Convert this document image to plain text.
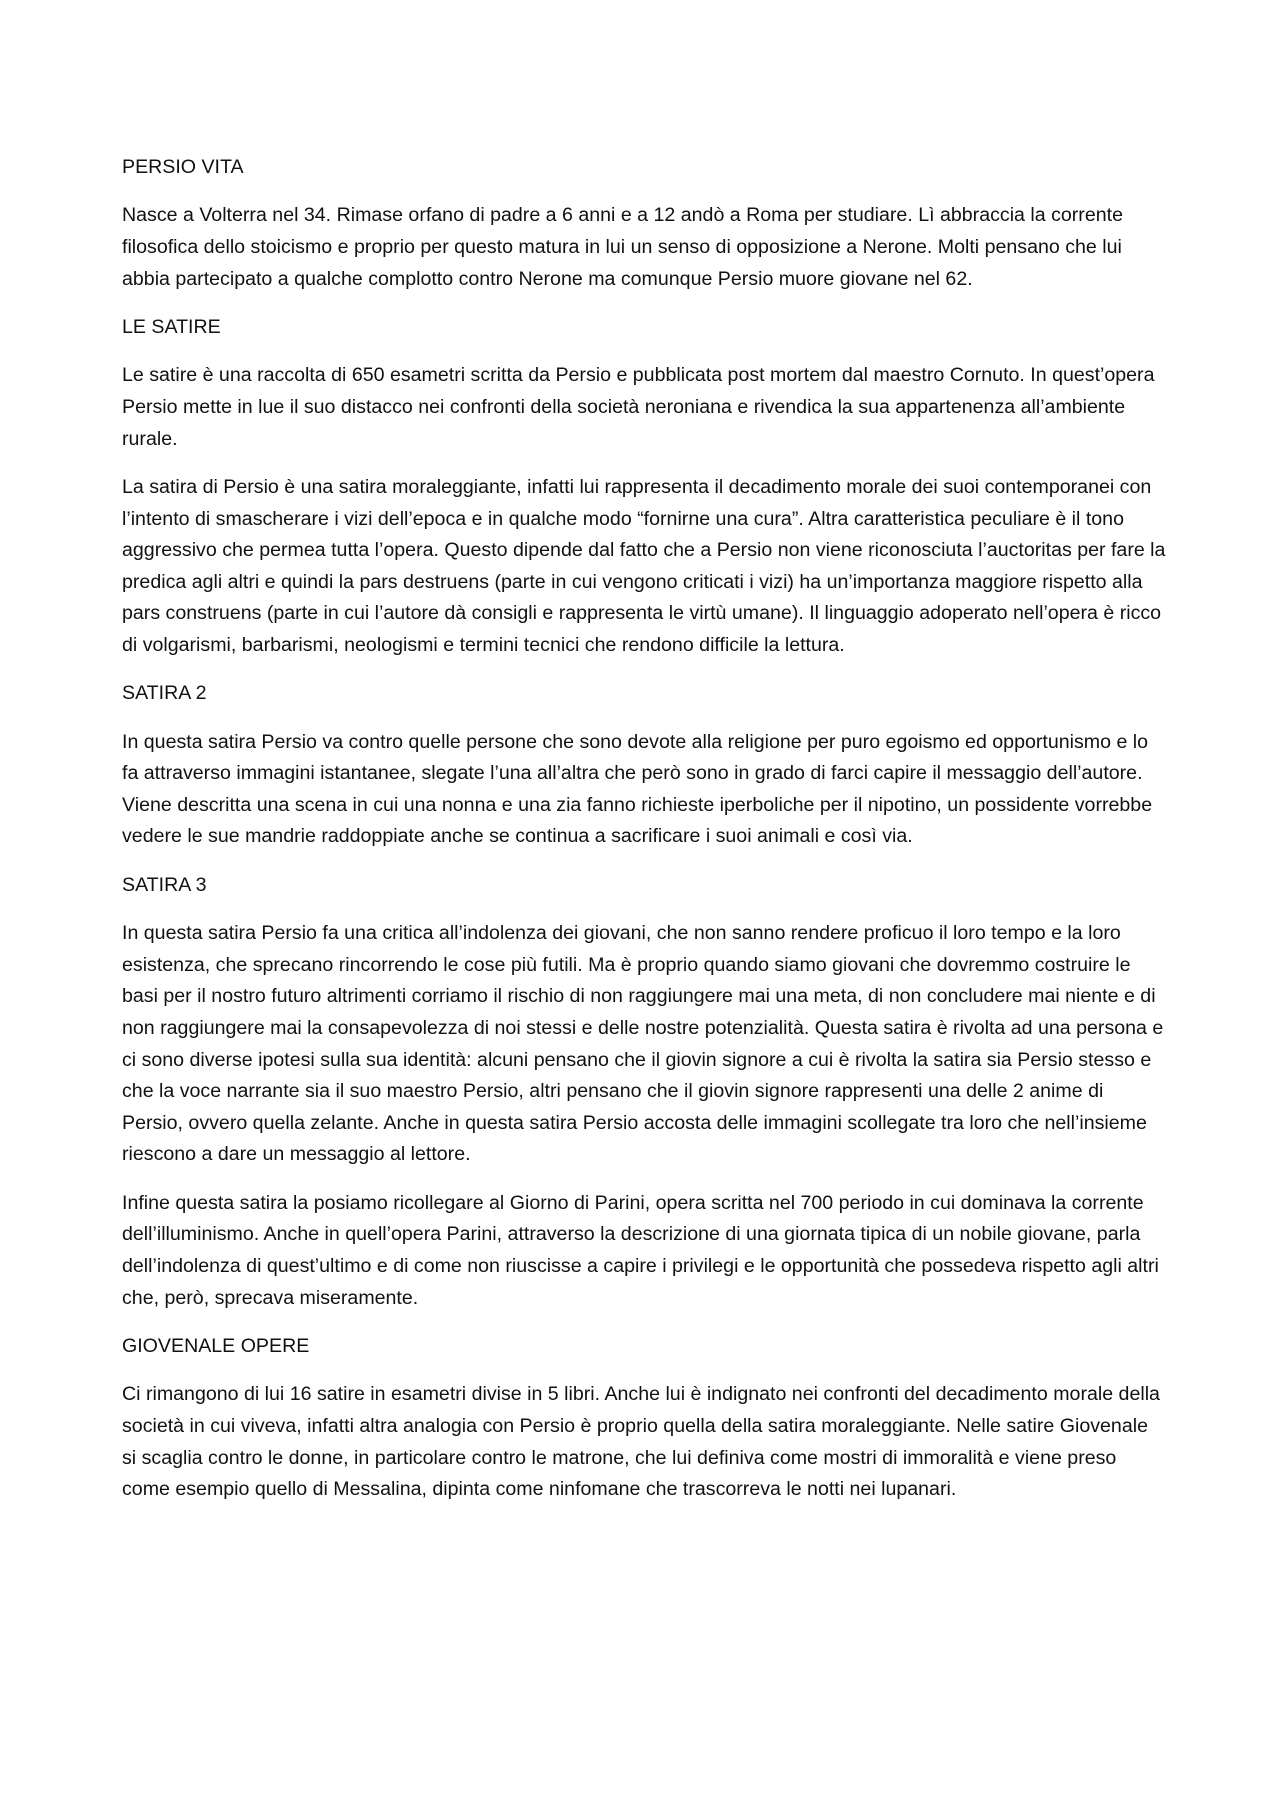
PERSIO VITA

Nasce a Volterra nel 34. Rimase orfano di padre a 6 anni e a 12 andò a Roma per studiare. Lì abbraccia la corrente filosofica dello stoicismo e proprio per questo matura in lui un senso di opposizione a Nerone. Molti pensano che lui abbia partecipato a qualche complotto contro Nerone ma comunque Persio muore giovane nel 62.

LE SATIRE

Le satire è una raccolta di 650 esametri scritta da Persio e pubblicata post mortem dal maestro Cornuto. In quest’opera Persio mette in lue il suo distacco nei confronti della società neroniana e rivendica la sua appartenenza all’ambiente rurale.

La satira di Persio è una satira moraleggiante, infatti lui rappresenta il decadimento morale dei suoi contemporanei con l’intento di smascherare i vizi dell’epoca e in qualche modo “fornirne una cura”. Altra caratteristica peculiare è il tono aggressivo che permea tutta l’opera. Questo dipende dal fatto che a Persio non viene riconosciuta l’auctoritas per fare la predica agli altri e quindi la pars destruens (parte in cui vengono criticati i vizi) ha un’importanza maggiore rispetto alla pars construens (parte in cui l’autore dà consigli e rappresenta le virtù umane). Il linguaggio adoperato nell’opera è ricco di volgarismi, barbarismi, neologismi e termini tecnici che rendono difficile la lettura.

SATIRA 2

In questa satira Persio va contro quelle persone che sono devote alla religione per puro egoismo ed opportunismo e lo fa attraverso immagini istantanee, slegate l’una all’altra che però sono in grado di farci capire il messaggio dell’autore. Viene descritta una scena in cui una nonna e una zia fanno richieste iperboliche per il nipotino, un possidente vorrebbe vedere le sue mandrie raddoppiate anche se continua a sacrificare i suoi animali e così via.

SATIRA 3

In questa satira Persio fa una critica all’indolenza dei giovani, che non sanno rendere proficuo il loro tempo e la loro esistenza, che sprecano rincorrendo le cose più futili. Ma è proprio quando siamo giovani che dovremmo costruire le basi per il nostro futuro altrimenti corriamo il rischio di non raggiungere mai una meta, di non concludere mai niente e di non raggiungere mai la consapevolezza di noi stessi e delle nostre potenzialità. Questa satira è rivolta ad una persona e ci sono diverse ipotesi sulla sua identità: alcuni pensano che il giovin signore a cui è rivolta la satira sia Persio stesso e che la voce narrante sia il suo maestro Persio, altri pensano che il giovin signore rappresenti una delle 2 anime di Persio, ovvero quella zelante. Anche in questa satira Persio accosta delle immagini scollegate tra loro che nell’insieme riescono a dare un messaggio al lettore.

Infine questa satira la posiamo ricollegare al Giorno di Parini, opera scritta nel 700 periodo in cui dominava la corrente dell’illuminismo. Anche in quell’opera Parini, attraverso la descrizione di una giornata tipica di un nobile giovane, parla dell’indolenza di quest’ultimo e di come non riuscisse a capire i privilegi e le opportunità che possedeva rispetto agli altri che, però, sprecava miseramente.

GIOVENALE OPERE

Ci rimangono di lui 16 satire in esametri divise in 5 libri. Anche lui è indignato nei confronti del decadimento morale della società in cui viveva, infatti altra analogia con Persio è proprio quella della satira moraleggiante. Nelle satire Giovenale si scaglia contro le donne, in particolare contro le matrone, che lui definiva come mostri di immoralità e viene preso come esempio quello di Messalina, dipinta come ninfomane che trascorreva le notti nei lupanari.
